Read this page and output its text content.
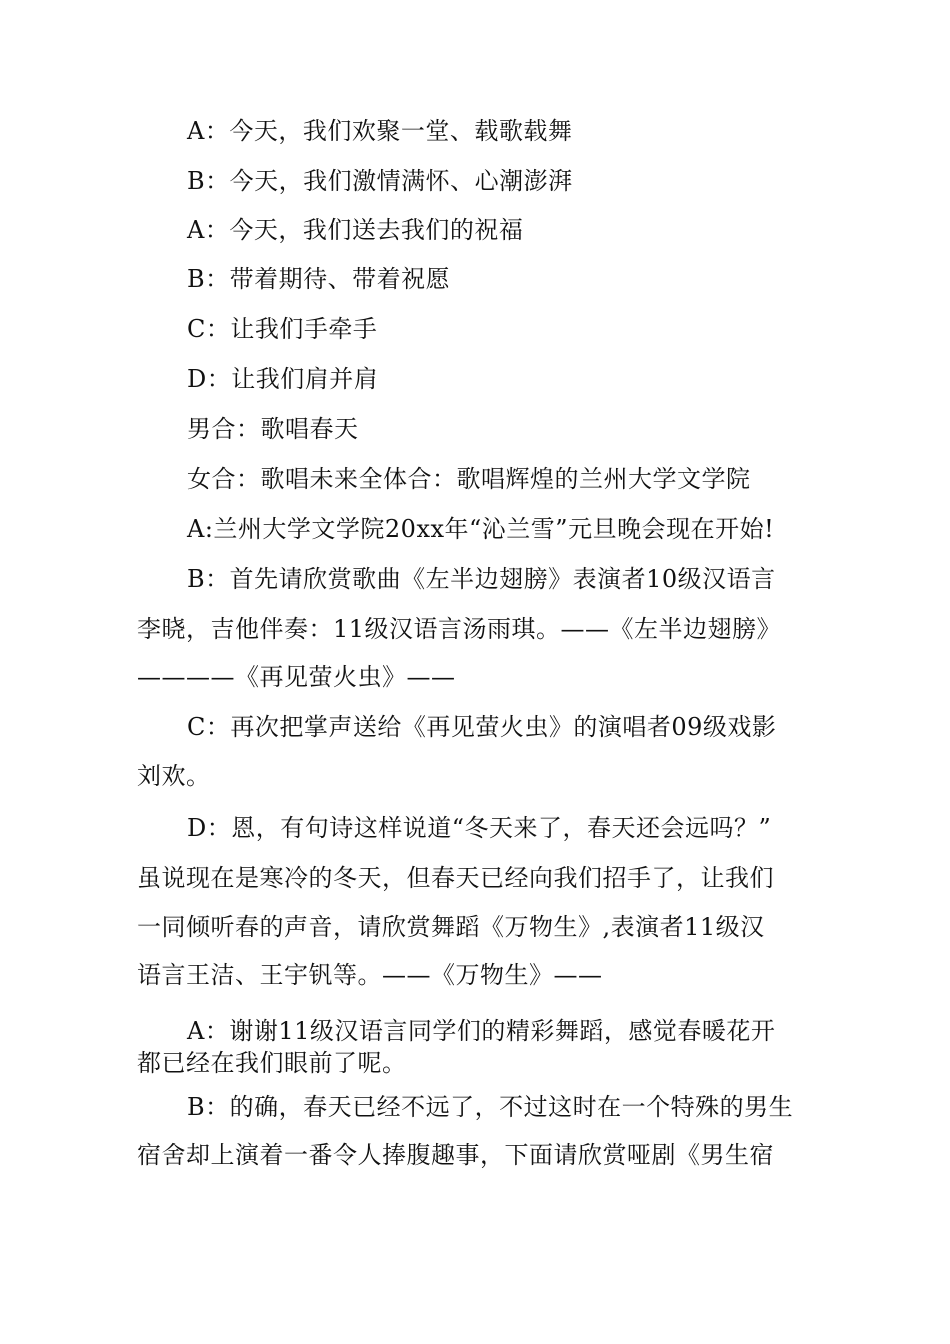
A：今天，我们欢聚一堂、载歌载舞
B：今天，我们激情满怀、心潮澎湃
A：今天，我们送去我们的祝福
B：带着期待、带着祝愿
C：让我们手牵手
D：让我们肩并肩
男合：歌唱春天
女合：歌唱未来全体合：歌唱辉煌的兰州大学文学院
A:兰州大学文学院20xx年“沁兰雪”元旦晚会现在开始!
B：首先请欣赏歌曲《左半边翅膀》表演者10级汉语言
李晓，吉他伴奏：11级汉语言汤雨琪。——《左半边翅膀》
————《再见萤火虫》——
C：再次把掌声送给《再见萤火虫》的演唱者09级戏影
刘欢。
D：恩，有句诗这样说道“冬天来了，春天还会远吗？”
虽说现在是寒冷的冬天，但春天已经向我们招手了，让我们
一同倾听春的声音，请欣赏舞蹈《万物生》,表演者11级汉
语言王洁、王宇钒等。——《万物生》——
A：谢谢11级汉语言同学们的精彩舞蹈，感觉春暖花开
都已经在我们眼前了呢。
B：的确，春天已经不远了，不过这时在一个特殊的男生
宿舍却上演着一番令人捧腹趣事，下面请欣赏哑剧《男生宿
